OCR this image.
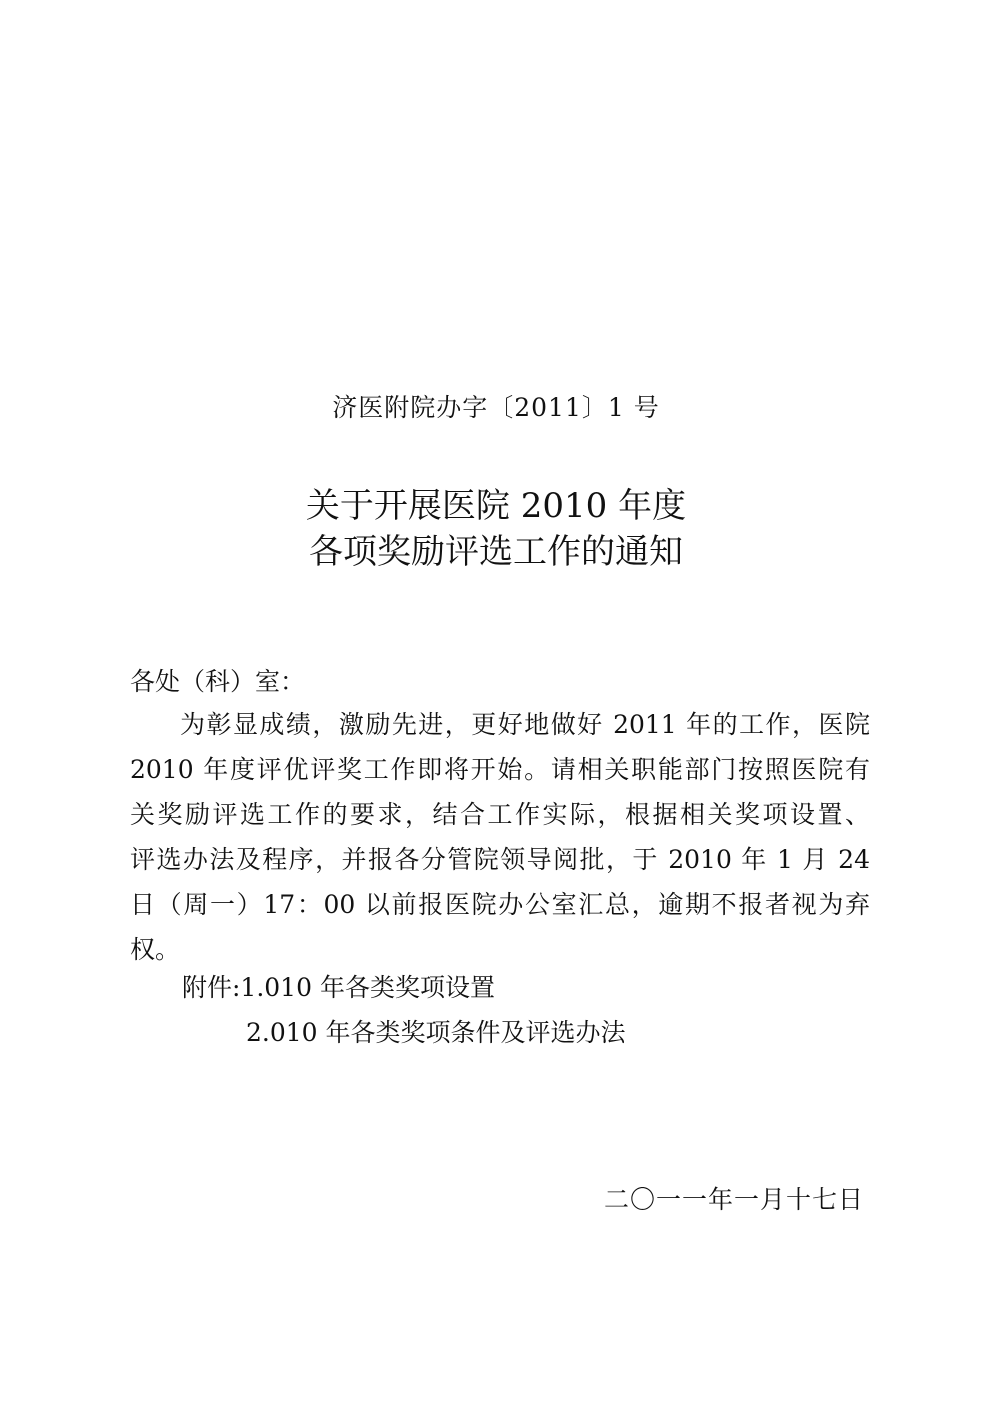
济医附院办字〔2011〕1 号
关于开展医院 2010 年度
各项奖励评选工作的通知
各处（科）室：
为彰显成绩，激励先进，更好地做好 2011 年的工作，医院
2010 年度评优评奖工作即将开始。请相关职能部门按照医院有
关奖励评选工作的要求，结合工作实际，根据相关奖项设置、
评选办法及程序，并报各分管院领导阅批，于 2010 年 1 月 24
日（周一）17：00 以前报医院办公室汇总，逾期不报者视为弃
权。
附件:1.010 年各类奖项设置
2.010 年各类奖项条件及评选办法
二〇一一年一月十七日
